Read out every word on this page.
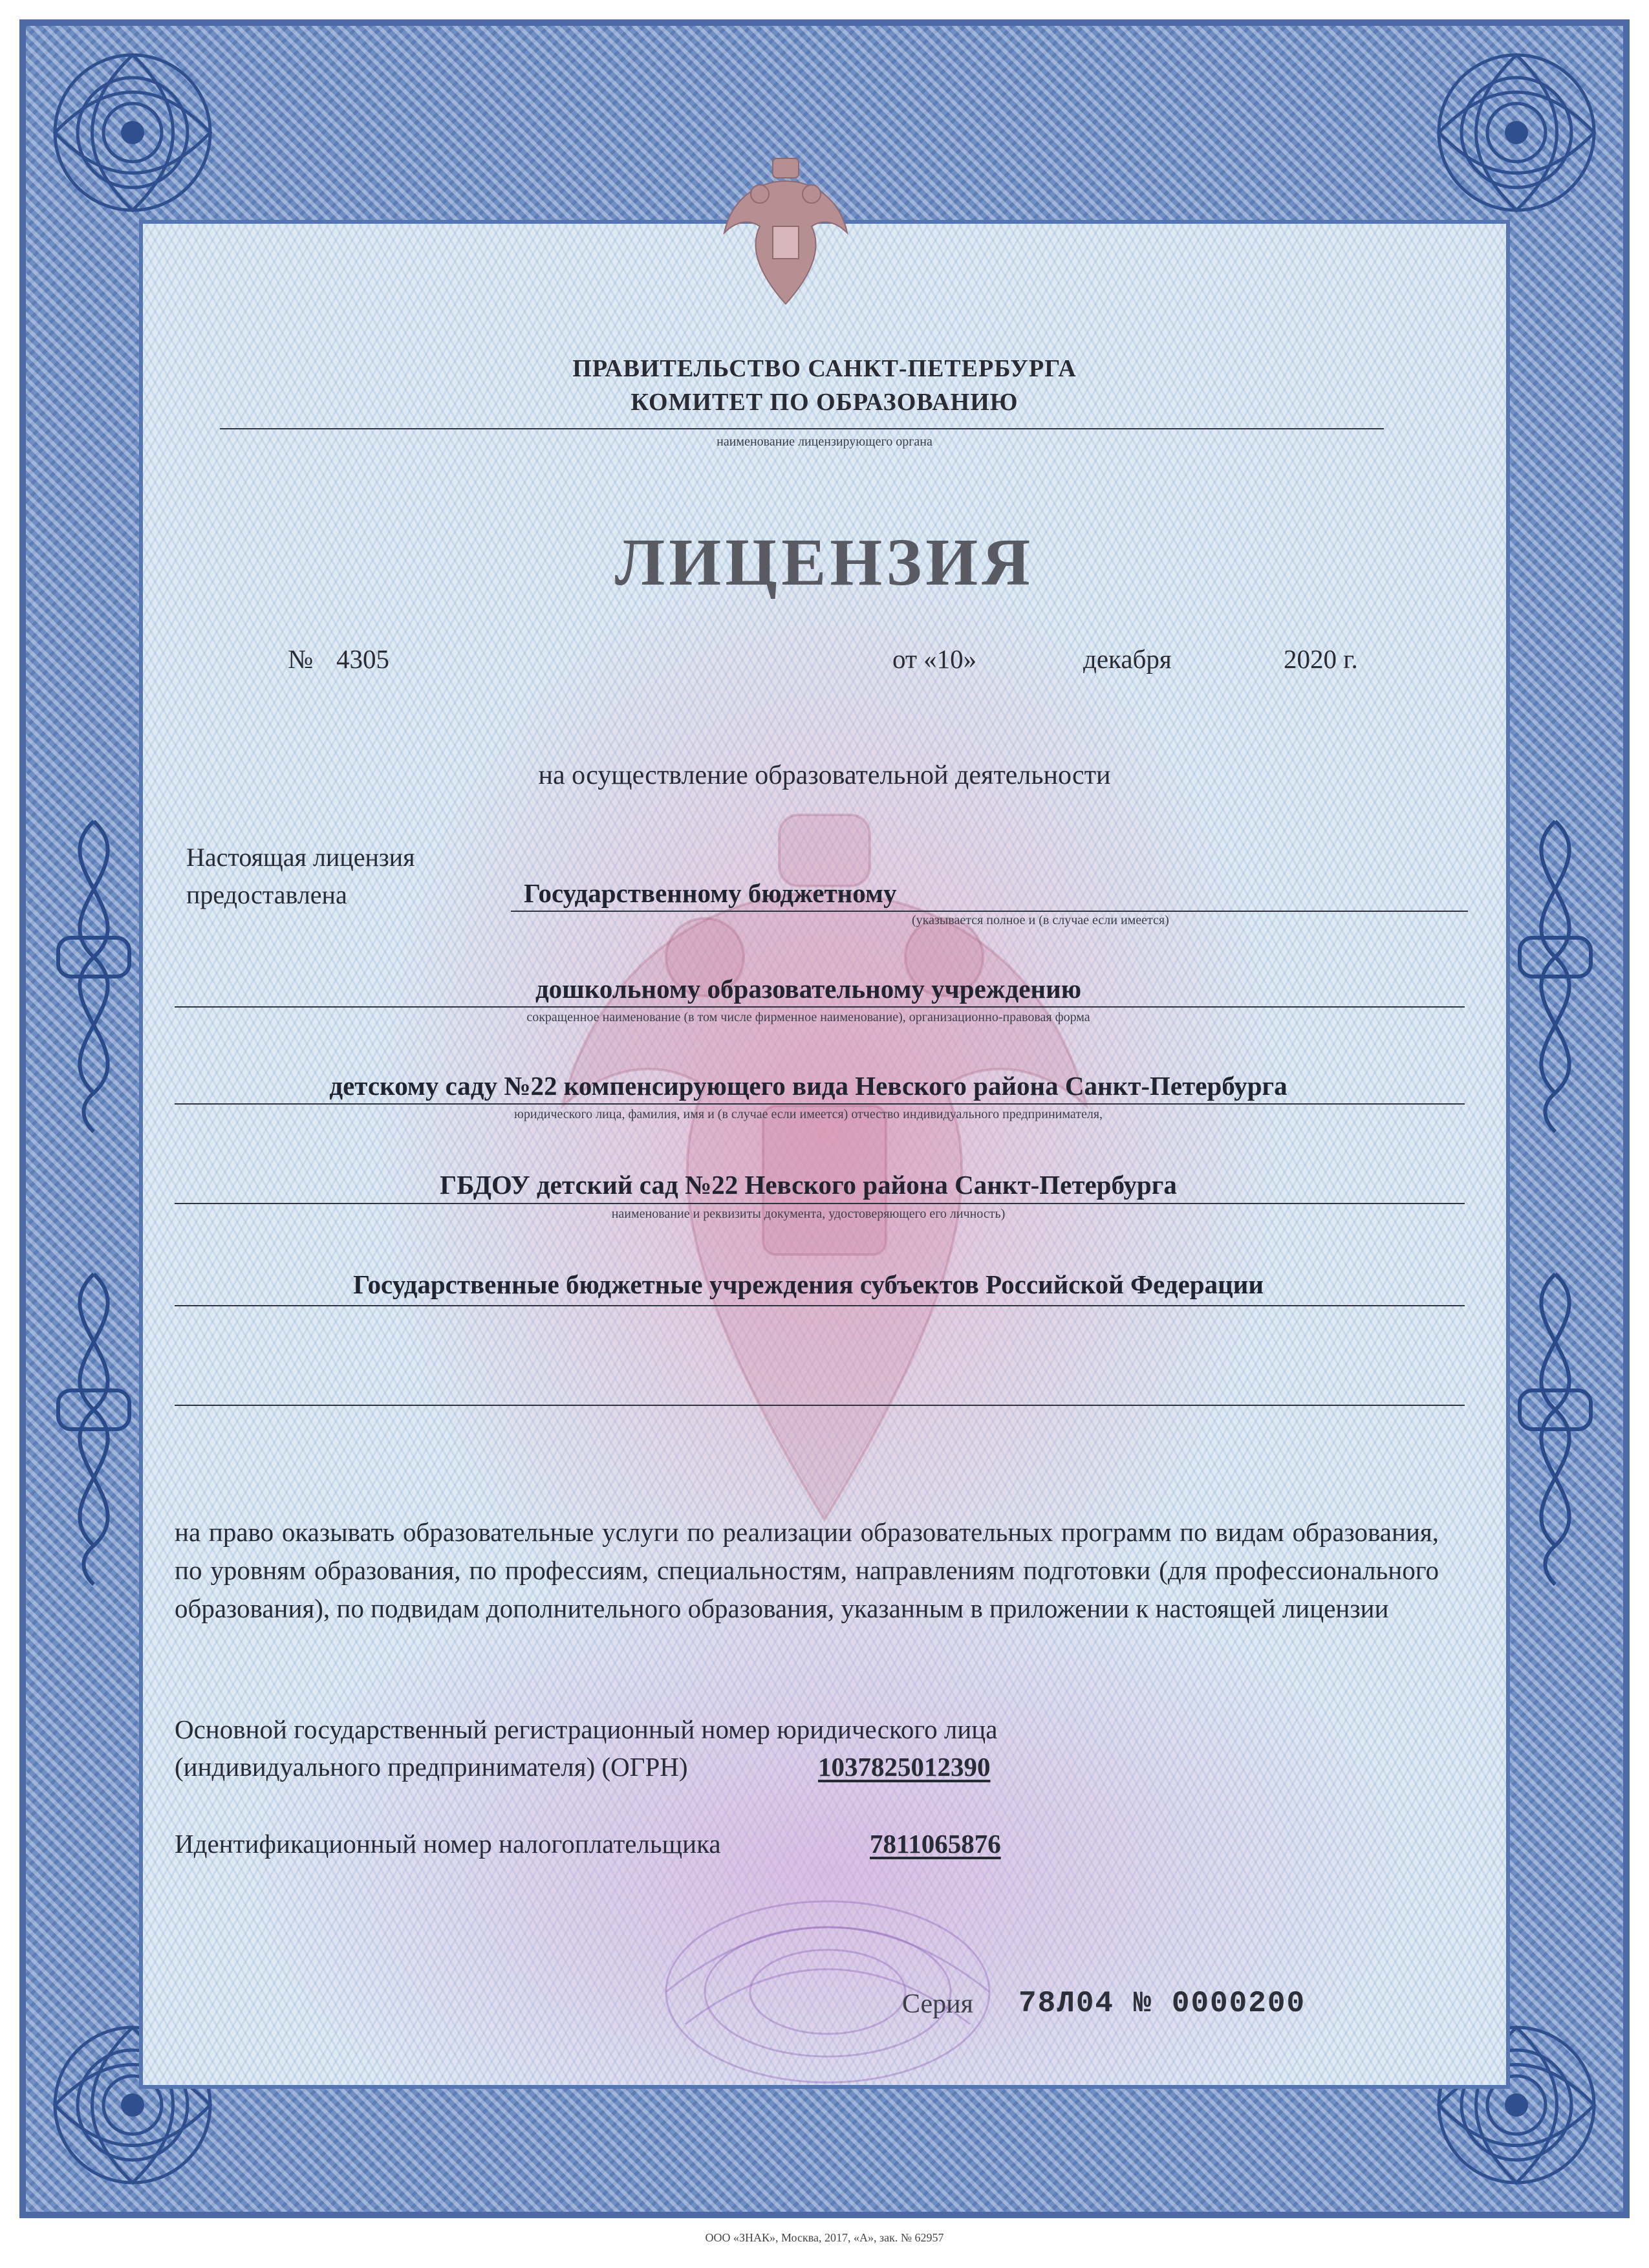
ПРАВИТЕЛЬСТВО САНКТ-ПЕТЕРБУРГА
КОМИТЕТ ПО ОБРАЗОВАНИЮ
наименование лицензирующего органа
ЛИЦЕНЗИЯ
№ 4305	от «10»	декабря	2020 г.
на осуществление образовательной деятельности
Настоящая лицензия
предоставлена	Государственному бюджетному
(указывается полное и (в случае если имеется)
дошкольному образовательному учреждению
сокращенное наименование (в том числе фирменное наименование), организационно-правовая форма
детскому саду №22 компенсирующего вида Невского района Санкт-Петербурга
юридического лица, фамилия, имя и (в случае если имеется) отчество индивидуального предпринимателя,
ГБДОУ детский сад №22 Невского района Санкт-Петербурга
наименование и реквизиты документа, удостоверяющего его личность)
Государственные бюджетные учреждения субъектов Российской Федерации
на право оказывать образовательные услуги по реализации образовательных программ по видам образования, по уровням образования, по профессиям, специальностям, направлениям подготовки (для профессионального образования), по подвидам дополнительного образования, указанным в приложении к настоящей лицензии
Основной государственный регистрационный номер юридического лица
(индивидуального предпринимателя) (ОГРН)	1037825012390
Идентификационный номер налогоплательщика	7811065876
Серия 78Л04 № 0000200
ООО «ЗНАК», Москва, 2017, «А», зак. № 62957
